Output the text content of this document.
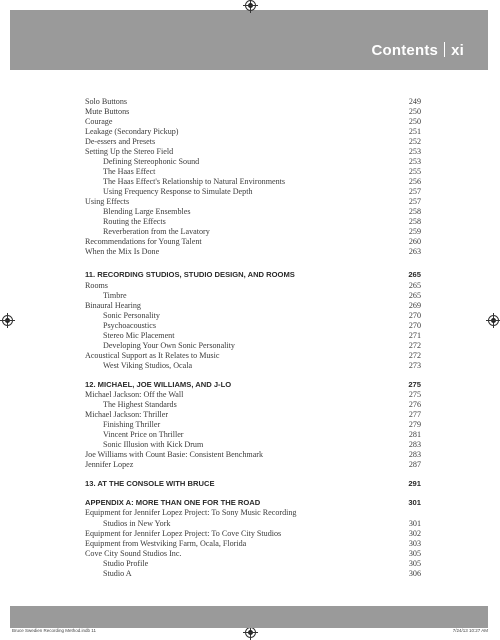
Contents xi
Solo Buttons	249
Mute Buttons	250
Courage	250
Leakage (Secondary Pickup)	251
De-essers and Presets	252
Setting Up the Stereo Field	253
Defining Stereophonic Sound	253
The Haas Effect	255
The Haas Effect's Relationship to Natural Environments	256
Using Frequency Response to Simulate Depth	257
Using Effects	257
Blending Large Ensembles	258
Routing the Effects	258
Reverberation from the Lavatory	259
Recommendations for Young Talent	260
When the Mix Is Done	263
11. RECORDING STUDIOS, STUDIO DESIGN, AND ROOMS	265
Rooms	265
Timbre	265
Binaural Hearing	269
Sonic Personality	270
Psychoacoustics	270
Stereo Mic Placement	271
Developing Your Own Sonic Personality	272
Acoustical Support as It Relates to Music	272
West Viking Studios, Ocala	273
12. MICHAEL, JOE WILLIAMS, AND J-LO	275
Michael Jackson: Off the Wall	275
The Highest Standards	276
Michael Jackson: Thriller	277
Finishing Thriller	279
Vincent Price on Thriller	281
Sonic Illusion with Kick Drum	283
Joe Williams with Count Basie: Consistent Benchmark	283
Jennifer Lopez	287
13. AT THE CONSOLE WITH BRUCE	291
APPENDIX A: MORE THAN ONE FOR THE ROAD	301
Equipment for Jennifer Lopez Project: To Sony Music Recording
Studios in New York	301
Equipment for Jennifer Lopez Project: To Cove City Studios	302
Equipment from Westviking Farm, Ocala, Florida	303
Cove City Sound Studios Inc.	305
Studio Profile	305
Studio A	306
Bruce Swedien Recording Method.indb 11	7/24/13 10:27 AM
